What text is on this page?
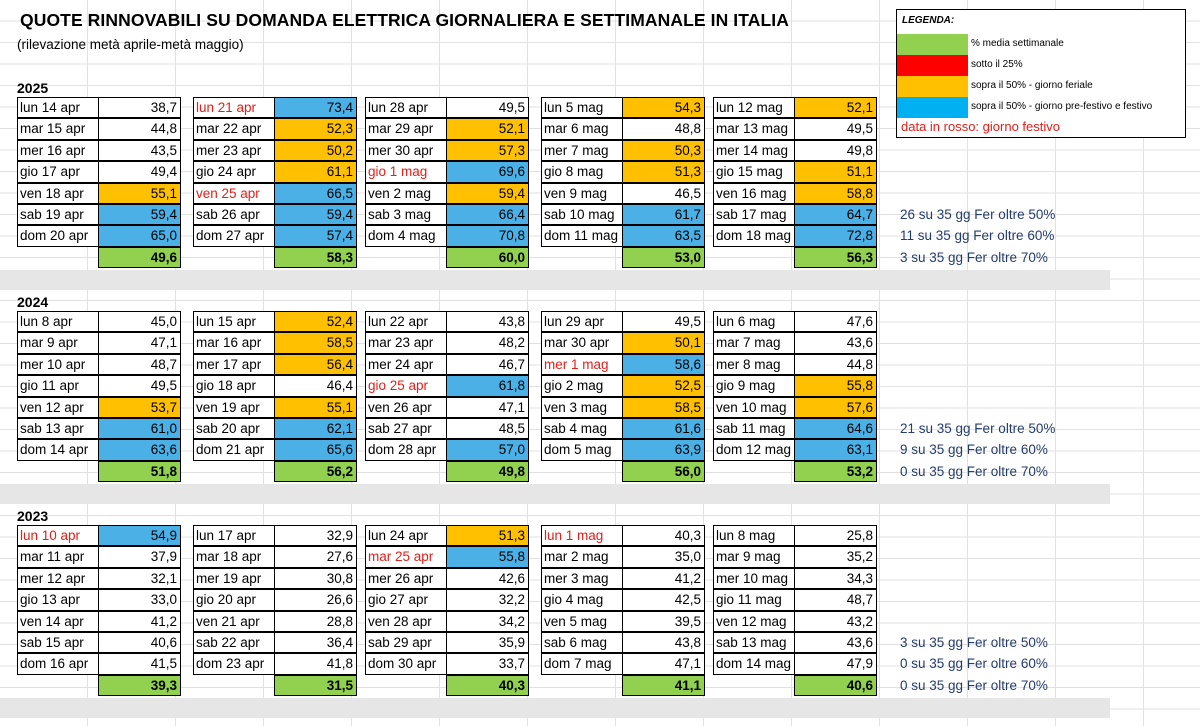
QUOTE RINNOVABILI SU DOMANDA ELETTRICA GIORNALIERA E SETTIMANALE IN ITALIA
(rilevazione metà aprile-metà maggio)
LEGENDA:
% media settimanale
sotto il 25%
sopra il 50% - giorno feriale
sopra il 50% - giorno pre-festivo e festivo
data in rosso: giorno festivo
2025
lun 14 apr	38,7
mar 15 apr	44,8
mer 16 apr	43,5
gio 17 apr	49,4
ven 18 apr	55,1
sab 19 apr	59,4
dom 20 apr	65,0
49,6
lun 21 apr	73,4
mar 22 apr	52,3
mer 23 apr	50,2
gio 24 apr	61,1
ven 25 apr	66,5
sab 26 apr	59,4
dom 27 apr	57,4
58,3
lun 28 apr	49,5
mar 29 apr	52,1
mer 30 apr	57,3
gio 1 mag	69,6
ven 2 mag	59,4
sab 3 mag	66,4
dom 4 mag	70,8
60,0
lun 5 mag	54,3
mar 6 mag	48,8
mer 7 mag	50,3
gio 8 mag	51,3
ven 9 mag	46,5
sab 10 mag	61,7
dom 11 mag	63,5
53,0
lun 12 mag	52,1
mar 13 mag	49,5
mer 14 mag	49,8
gio 15 mag	51,1
ven 16 mag	58,8
sab 17 mag	64,7
dom 18 mag	72,8
56,3
26 su 35 gg Fer oltre 50%
11 su 35 gg Fer oltre 60%
3 su 35 gg Fer oltre 70%
2024
lun 8 apr	45,0
mar 9 apr	47,1
mer 10 apr	48,7
gio 11 apr	49,5
ven 12 apr	53,7
sab 13 apr	61,0
dom 14 apr	63,6
51,8
lun 15 apr	52,4
mar 16 apr	58,5
mer 17 apr	56,4
gio 18 apr	46,4
ven 19 apr	55,1
sab 20 apr	62,1
dom 21 apr	65,6
56,2
lun 22 apr	43,8
mar 23 apr	48,2
mer 24 apr	46,7
gio 25 apr	61,8
ven 26 apr	47,1
sab 27 apr	48,5
dom 28 apr	57,0
49,8
lun 29 apr	49,5
mar 30 apr	50,1
mer 1 mag	58,6
gio 2 mag	52,5
ven 3 mag	58,5
sab 4 mag	61,6
dom 5 mag	63,9
56,0
lun 6 mag	47,6
mar 7 mag	43,6
mer 8 mag	44,8
gio 9 mag	55,8
ven 10 mag	57,6
sab 11 mag	64,6
dom 12 mag	63,1
53,2
21 su 35 gg Fer oltre 50%
9 su 35 gg Fer oltre 60%
0 su 35 gg Fer oltre 70%
2023
lun 10 apr	54,9
mar 11 apr	37,9
mer 12 apr	32,1
gio 13 apr	33,0
ven 14 apr	41,2
sab 15 apr	40,6
dom 16 apr	41,5
39,3
lun 17 apr	32,9
mar 18 apr	27,6
mer 19 apr	30,8
gio 20 apr	26,6
ven 21 apr	28,8
sab 22 apr	36,4
dom 23 apr	41,8
31,5
lun 24 apr	51,3
mar 25 apr	55,8
mer 26 apr	42,6
gio 27 apr	32,2
ven 28 apr	34,2
sab 29 apr	35,9
dom 30 apr	33,7
40,3
lun 1 mag	40,3
mar 2 mag	35,0
mer 3 mag	41,2
gio 4 mag	42,5
ven 5 mag	39,5
sab 6 mag	43,8
dom 7 mag	47,1
41,1
lun 8 mag	25,8
mar 9 mag	35,2
mer 10 mag	34,3
gio 11 mag	48,7
ven 12 mag	43,2
sab 13 mag	43,6
dom 14 mag	47,9
40,6
3 su 35 gg Fer oltre 50%
0 su 35 gg Fer oltre 60%
0 su 35 gg Fer oltre 70%
